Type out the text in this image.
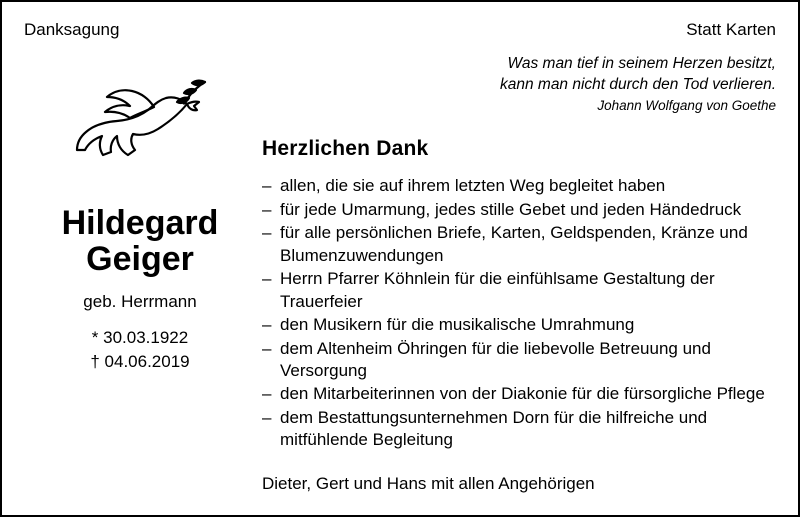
Danksagung	Statt Karten
Hildegard
Geiger
geb. Herrmann
* 30.03.1922
† 04.06.2019
Was man tief in seinem Herzen besitzt,
kann man nicht durch den Tod verlieren.
Johann Wolfgang von Goethe
Herzlichen Dank
– allen, die sie auf ihrem letzten Weg begleitet haben
– für jede Umarmung, jedes stille Gebet und jeden Händedruck
– für alle persönlichen Briefe, Karten, Geldspenden, Kränze und Blumenzuwendungen
– Herrn Pfarrer Köhnlein für die einfühlsame Gestaltung der Trauerfeier
– den Musikern für die musikalische Umrahmung
– dem Altenheim Öhringen für die liebevolle Betreuung und Versorgung
– den Mitarbeiterinnen von der Diakonie für die fürsorgliche Pflege
– dem Bestattungsunternehmen Dorn für die hilfreiche und mitfühlende Begleitung
Dieter, Gert und Hans mit allen Angehörigen
